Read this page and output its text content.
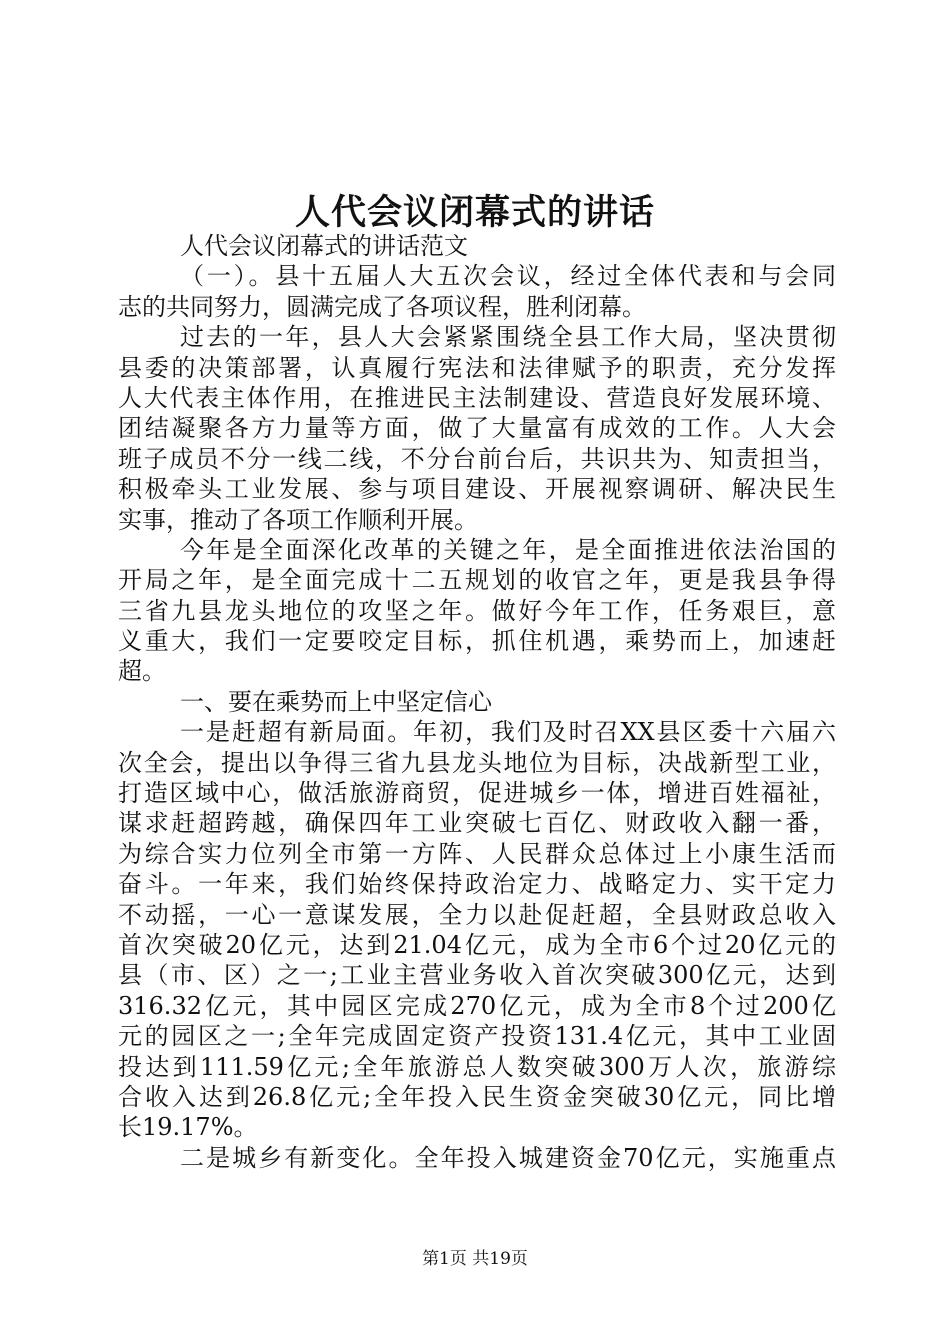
人代会议闭幕式的讲话
人代会议闭幕式的讲话范文
（一）。县十五届人大五次会议，经过全体代表和与会同
志的共同努力，圆满完成了各项议程，胜利闭幕。
过去的一年，县人大会紧紧围绕全县工作大局，坚决贯彻
县委的决策部署，认真履行宪法和法律赋予的职责，充分发挥
人大代表主体作用，在推进民主法制建设、营造良好发展环境、
团结凝聚各方力量等方面，做了大量富有成效的工作。人大会
班子成员不分一线二线，不分台前台后，共识共为、知责担当，
积极牵头工业发展、参与项目建设、开展视察调研、解决民生
实事，推动了各项工作顺利开展。
今年是全面深化改革的关键之年，是全面推进依法治国的
开局之年，是全面完成十二五规划的收官之年，更是我县争得
三省九县龙头地位的攻坚之年。做好今年工作，任务艰巨，意
义重大，我们一定要咬定目标，抓住机遇，乘势而上，加速赶
超。
一、要在乘势而上中坚定信心
一是赶超有新局面。年初，我们及时召XX县区委十六届六
次全会，提出以争得三省九县龙头地位为目标，决战新型工业，
打造区域中心，做活旅游商贸，促进城乡一体，增进百姓福祉，
谋求赶超跨越，确保四年工业突破七百亿、财政收入翻一番，
为综合实力位列全市第一方阵、人民群众总体过上小康生活而
奋斗。一年来，我们始终保持政治定力、战略定力、实干定力
不动摇，一心一意谋发展，全力以赴促赶超，全县财政总收入
首次突破20亿元，达到21.04亿元，成为全市6个过20亿元的
县（市、区）之一;工业主营业务收入首次突破300亿元，达到
316.32亿元，其中园区完成270亿元，成为全市8个过200亿
元的园区之一;全年完成固定资产投资131.4亿元，其中工业固
投达到111.59亿元;全年旅游总人数突破300万人次，旅游综
合收入达到26.8亿元;全年投入民生资金突破30亿元，同比增
长19.17%。
二是城乡有新变化。全年投入城建资金70亿元，实施重点
第1页 共19页
